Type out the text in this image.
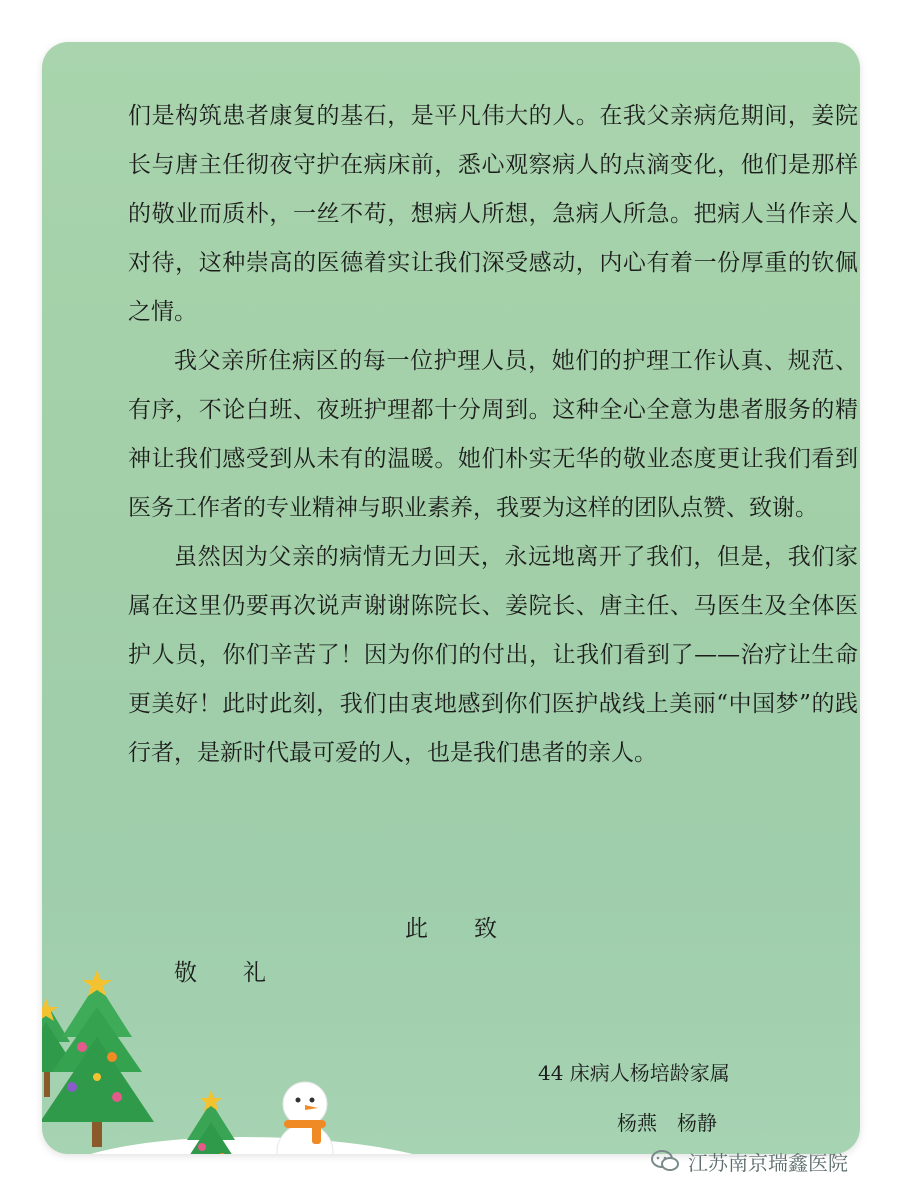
们是构筑患者康复的基石，是平凡伟大的人。在我父亲病危期间，姜院长与唐主任彻夜守护在病床前，悉心观察病人的点滴变化，他们是那样的敬业而质朴，一丝不苟，想病人所想，急病人所急。把病人当作亲人对待，这种崇高的医德着实让我们深受感动，内心有着一份厚重的钦佩之情。

我父亲所住病区的每一位护理人员，她们的护理工作认真、规范、有序，不论白班、夜班护理都十分周到。这种全心全意为患者服务的精神让我们感受到从未有的温暖。她们朴实无华的敬业态度更让我们看到医务工作者的专业精神与职业素养，我要为这样的团队点赞、致谢。

虽然因为父亲的病情无力回天，永远地离开了我们，但是，我们家属在这里仍要再次说声谢谢陈院长、姜院长、唐主任、马医生及全体医护人员，你们辛苦了！因为你们的付出，让我们看到了——治疗让生命更美好！此时此刻，我们由衷地感到你们医护战线上美丽“中国梦”的践行者，是新时代最可爱的人，也是我们患者的亲人。

此　　致
敬　　礼
44 床病人杨培龄家属
杨燕　杨静
江苏南京瑞鑫医院
